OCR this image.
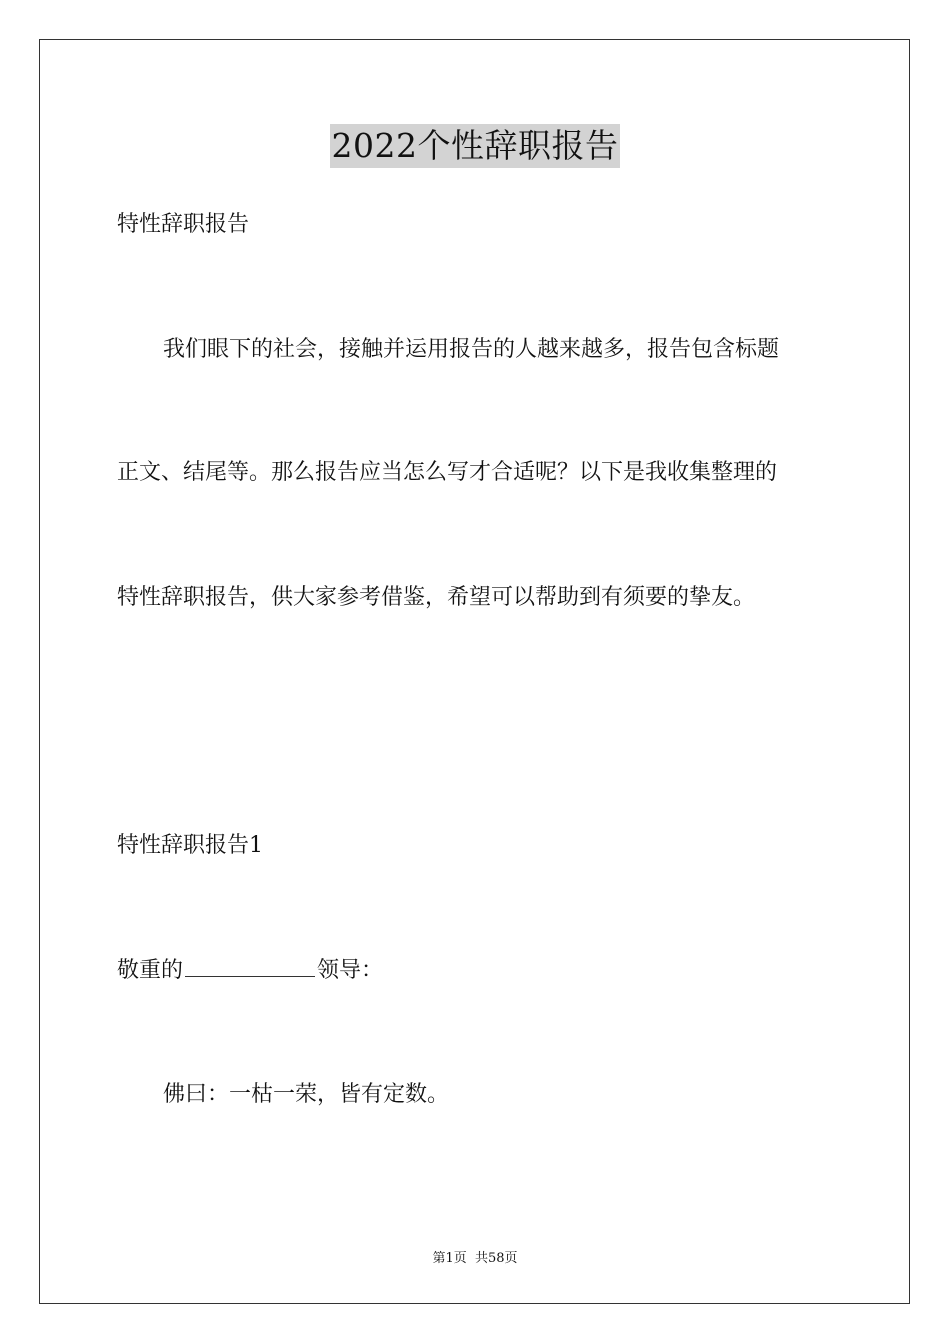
2022个性辞职报告
特性辞职报告
我们眼下的社会，接触并运用报告的人越来越多，报告包含标题
正文、结尾等。那么报告应当怎么写才合适呢？以下是我收集整理的
特性辞职报告，供大家参考借鉴，希望可以帮助到有须要的挚友。
特性辞职报告1
敬重的	领导：
佛曰：一枯一荣，皆有定数。
第1页 共58页
